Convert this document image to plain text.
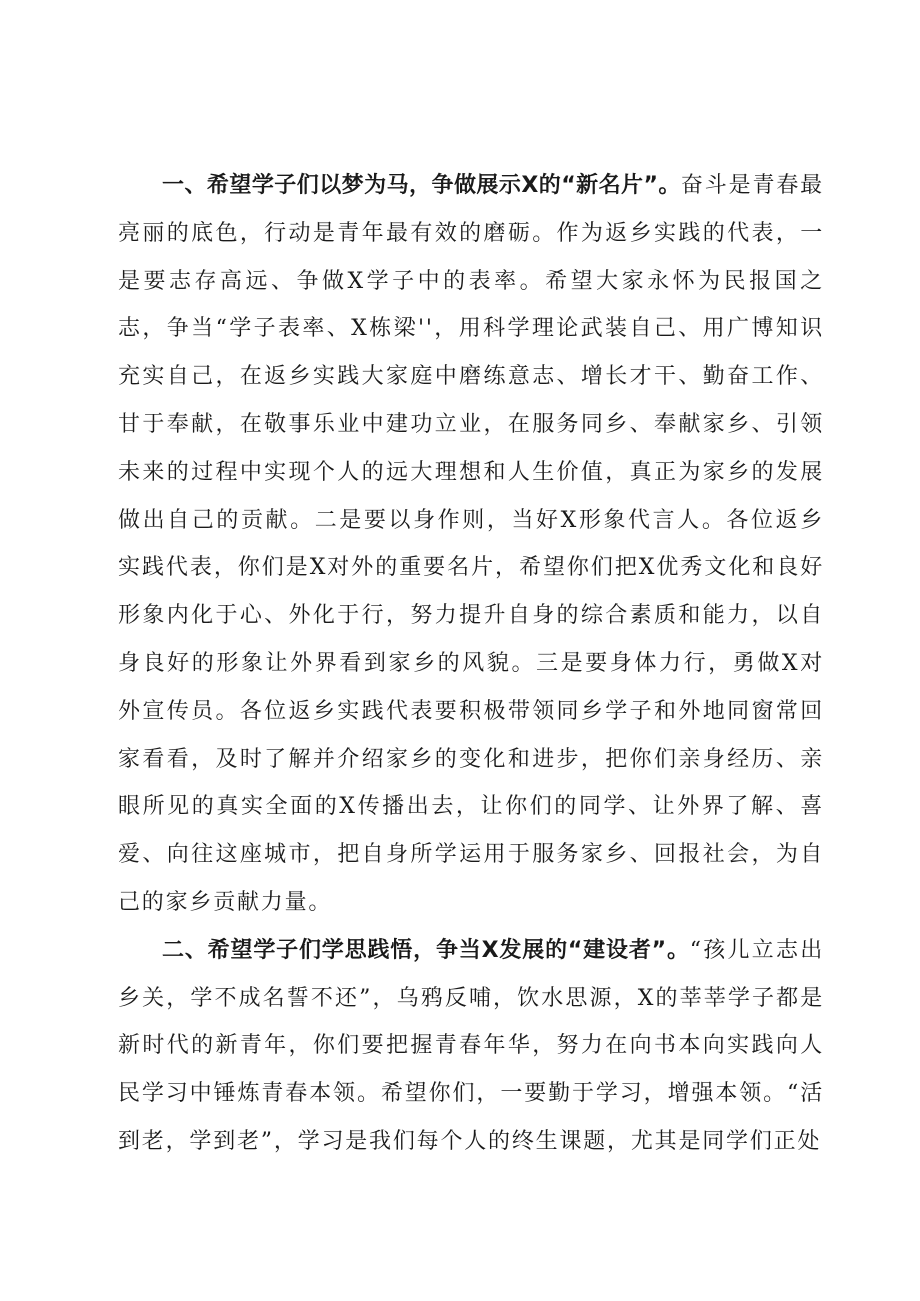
一、希望学子们以梦为马，争做展示X的“新名片”。奋斗是青春最亮丽的底色，行动是青年最有效的磨砺。作为返乡实践的代表，一是要志存高远、争做X学子中的表率。希望大家永怀为民报国之志，争当“学子表率、X栋梁''，用科学理论武装自己、用广博知识充实自己，在返乡实践大家庭中磨练意志、增长才干、勤奋工作、甘于奉献，在敬事乐业中建功立业，在服务同乡、奉献家乡、引领未来的过程中实现个人的远大理想和人生价值，真正为家乡的发展做出自己的贡献。二是要以身作则，当好X形象代言人。各位返乡实践代表，你们是X对外的重要名片，希望你们把X优秀文化和良好形象内化于心、外化于行，努力提升自身的综合素质和能力，以自身良好的形象让外界看到家乡的风貌。三是要身体力行，勇做X对外宣传员。各位返乡实践代表要积极带领同乡学子和外地同窗常回家看看，及时了解并介绍家乡的变化和进步，把你们亲身经历、亲眼所见的真实全面的X传播出去，让你们的同学、让外界了解、喜爱、向往这座城市，把自身所学运用于服务家乡、回报社会，为自己的家乡贡献力量。

二、希望学子们学思践悟，争当X发展的“建设者”。“孩儿立志出乡关，学不成名誓不还”，乌鸦反哺，饮水思源，X的莘莘学子都是新时代的新青年，你们要把握青春年华，努力在向书本向实践向人民学习中锤炼青春本领。希望你们，一要勤于学习，增强本领。“活到老，学到老”，学习是我们每个人的终生课题，尤其是同学们正处
